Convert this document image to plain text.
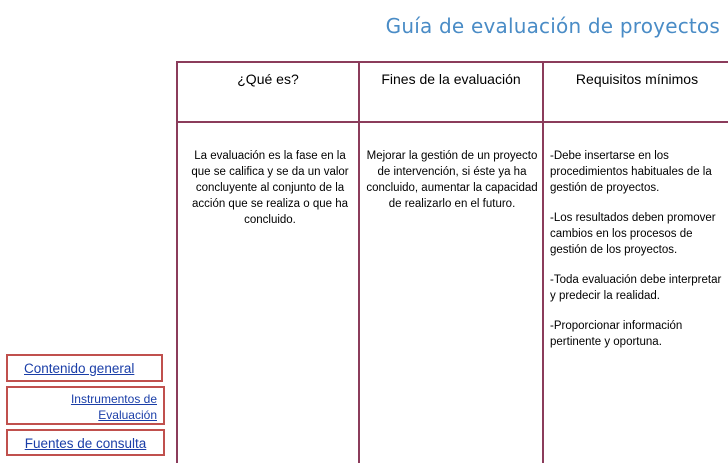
Guía de evaluación de proyectos
¿Qué es?	Fines de la evaluación	Requisitos mínimos
La evaluación es la fase en la que se califica y se da un valor concluyente al conjunto de la acción que se realiza o que ha concluido.
Mejorar la gestión de un proyecto de intervención, si éste ya ha concluido, aumentar la capacidad de realizarlo en el futuro.

-Debe insertarse en los procedimientos habituales de la gestión de proyectos.

-Los resultados deben promover cambios en los procesos de gestión de los proyectos.

-Toda evaluación debe interpretar y predecir la realidad.

-Proporcionar información pertinente y oportuna.

Contenido general
Instrumentos de
Evaluación
Fuentes de consulta
